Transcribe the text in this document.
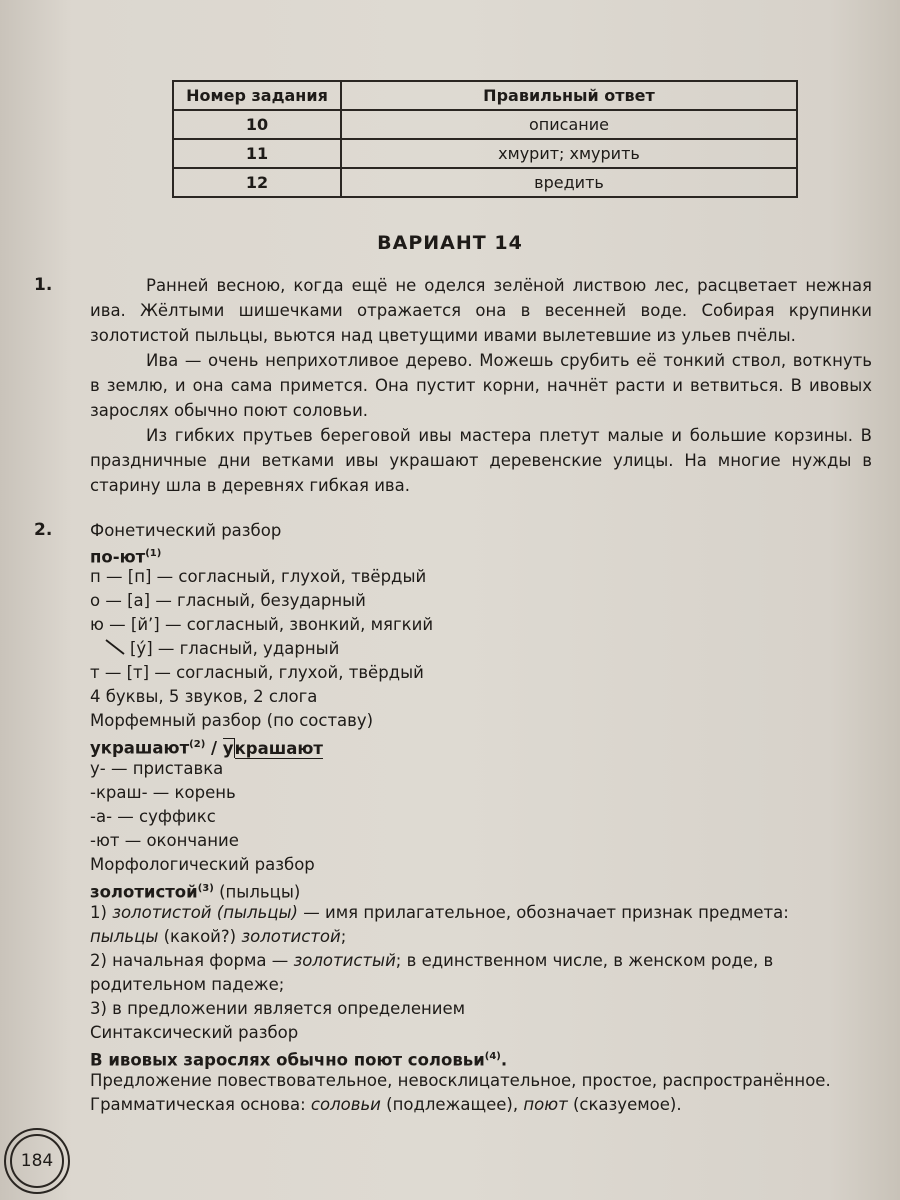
Номер задания	Правильный ответ
10	описание
11	хмурит; хмурить
12	вредить
ВАРИАНТ 14
1.	Ранней весною, когда ещё не оделся зелёной листвою лес, расцветает нежная ива. Жёлтыми шишечками отражается она в весенней воде. Собирая крупинки золотистой пыльцы, вьются над цветущими ивами вылетевшие из ульев пчёлы.
Ива — очень неприхотливое дерево. Можешь срубить её тонкий ствол, воткнуть в землю, и она сама примется. Она пустит корни, начнёт расти и ветвиться. В ивовых зарослях обычно поют соловьи.
Из гибких прутьев береговой ивы мастера плетут малые и большие корзины. В праздничные дни ветками ивы украшают деревенские улицы. На многие нужды в старину шла в деревнях гибкая ива.
2. Фонетический разбор
$по-ют^{(1)}$
п — [п] — согласный, глухой, твёрдый
о — [а] — гласный, безударный
ю — [й’] — согласный, звонкий, мягкий
[у́] — гласный, ударный
т — [т] — согласный, глухой, твёрдый
4 буквы, 5 звуков, 2 слога
Морфемный разбор (по составу)
украшают$^{(2)}$ / украшают
у- — приставка
-краш- — корень
-а- — суффикс
-ют — окончание
Морфологический разбор
золотистой$^{(3)}$ (пыльцы)
1) золотистой (пыльцы) — имя прилагательное, обозначает признак предмета:
пыльцы (какой?) золотистой;
2) начальная форма — золотистый; в единственном числе, в женском роде, в
родительном падеже;
3) в предложении является определением
Синтаксический разбор
В ивовых зарослях обычно поют соловьи$^{(4)}$.
Предложение повествовательное, невосклицательное, простое, распространённое.
Грамматическая основа: соловьи (подлежащее), поют (сказуемое).
184
